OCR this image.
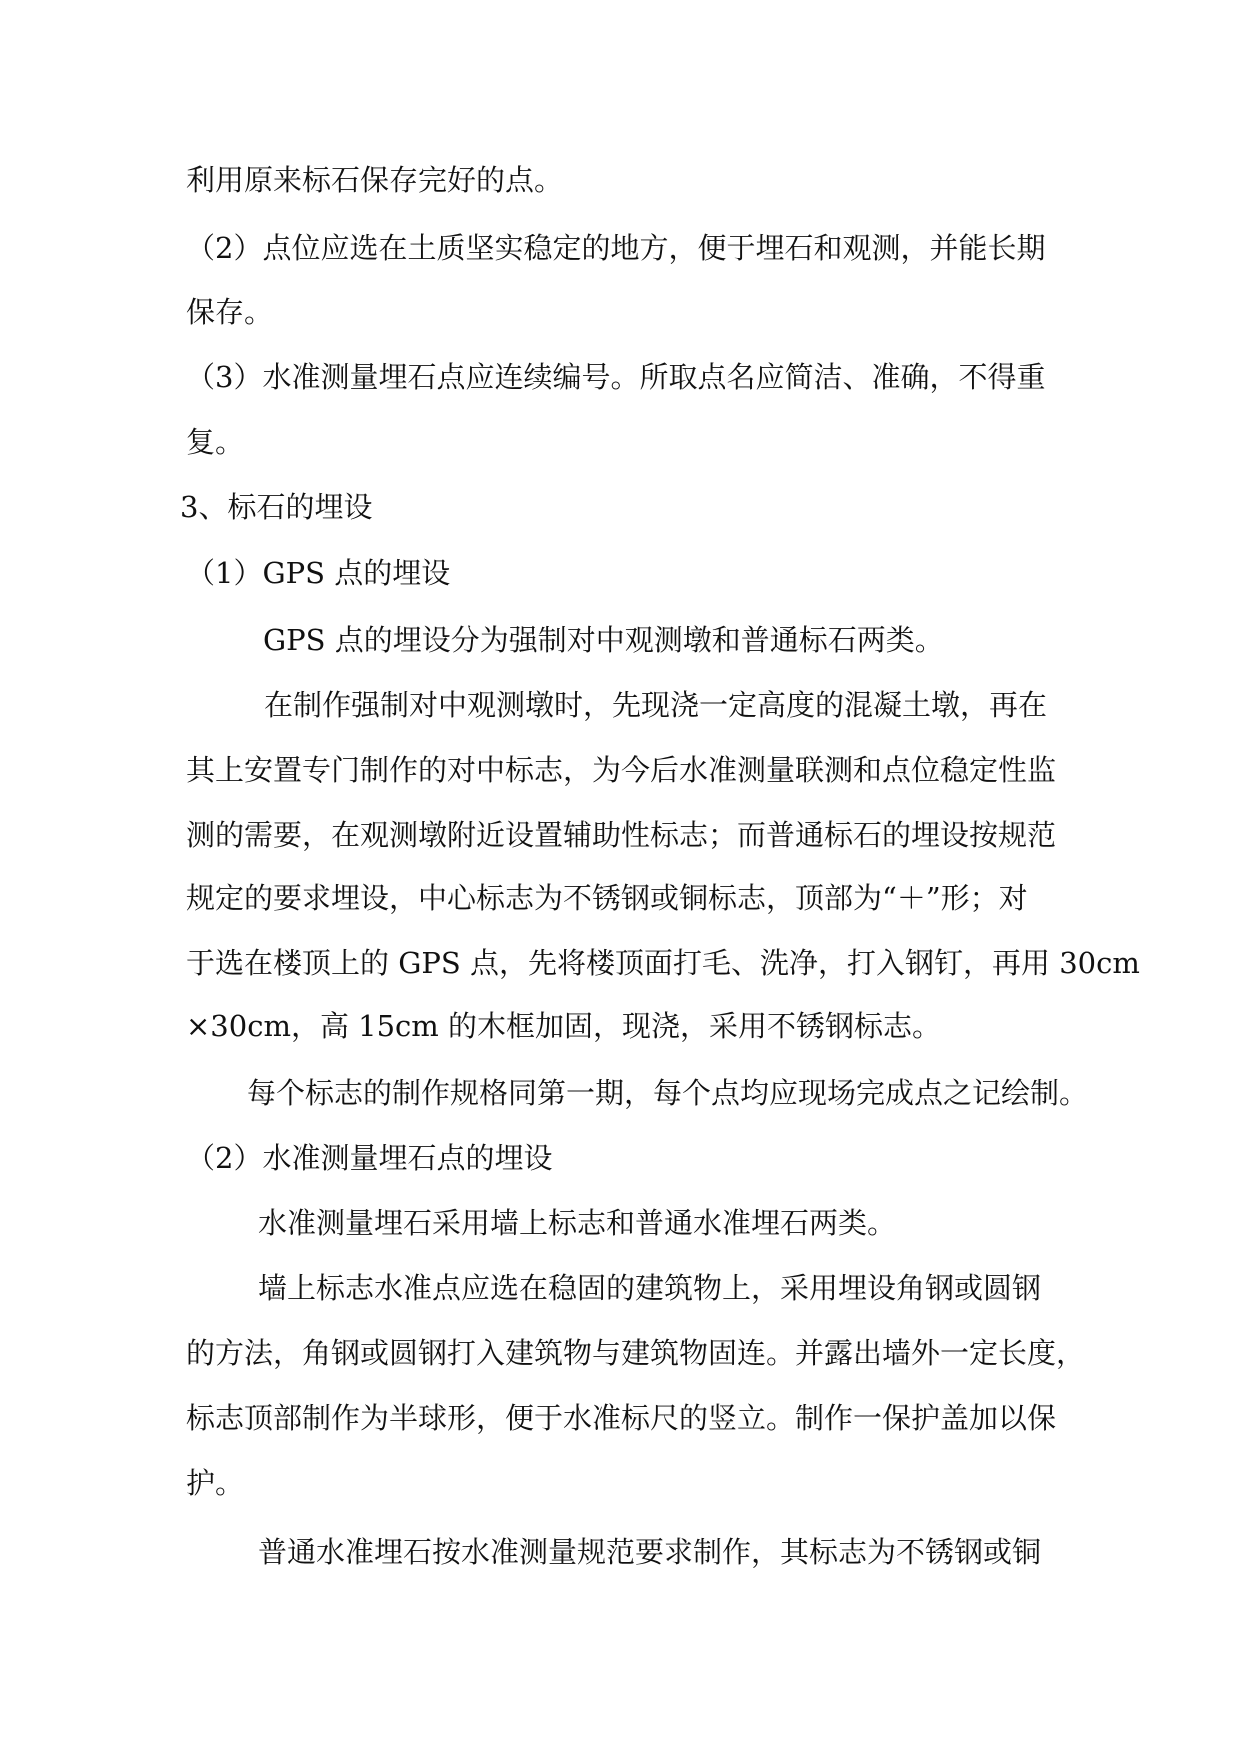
利用原来标石保存完好的点。
（2）点位应选在土质坚实稳定的地方，便于埋石和观测，并能长期
保存。
（3）水准测量埋石点应连续编号。所取点名应简洁、准确，不得重
复。
3、标石的埋设
（1）GPS 点的埋设
GPS 点的埋设分为强制对中观测墩和普通标石两类。
在制作强制对中观测墩时，先现浇一定高度的混凝土墩，再在
其上安置专门制作的对中标志，为今后水准测量联测和点位稳定性监
测的需要，在观测墩附近设置辅助性标志；而普通标石的埋设按规范
规定的要求埋设，中心标志为不锈钢或铜标志，顶部为“＋”形；对
于选在楼顶上的 GPS 点，先将楼顶面打毛、洗净，打入钢钉，再用 30cm
×30cm，高 15cm 的木框加固，现浇，采用不锈钢标志。
每个标志的制作规格同第一期，每个点均应现场完成点之记绘制。
（2）水准测量埋石点的埋设
水准测量埋石采用墙上标志和普通水准埋石两类。
墙上标志水准点应选在稳固的建筑物上，采用埋设角钢或圆钢
的方法，角钢或圆钢打入建筑物与建筑物固连。并露出墙外一定长度，
标志顶部制作为半球形，便于水准标尺的竖立。制作一保护盖加以保
护。
普通水准埋石按水准测量规范要求制作，其标志为不锈钢或铜
